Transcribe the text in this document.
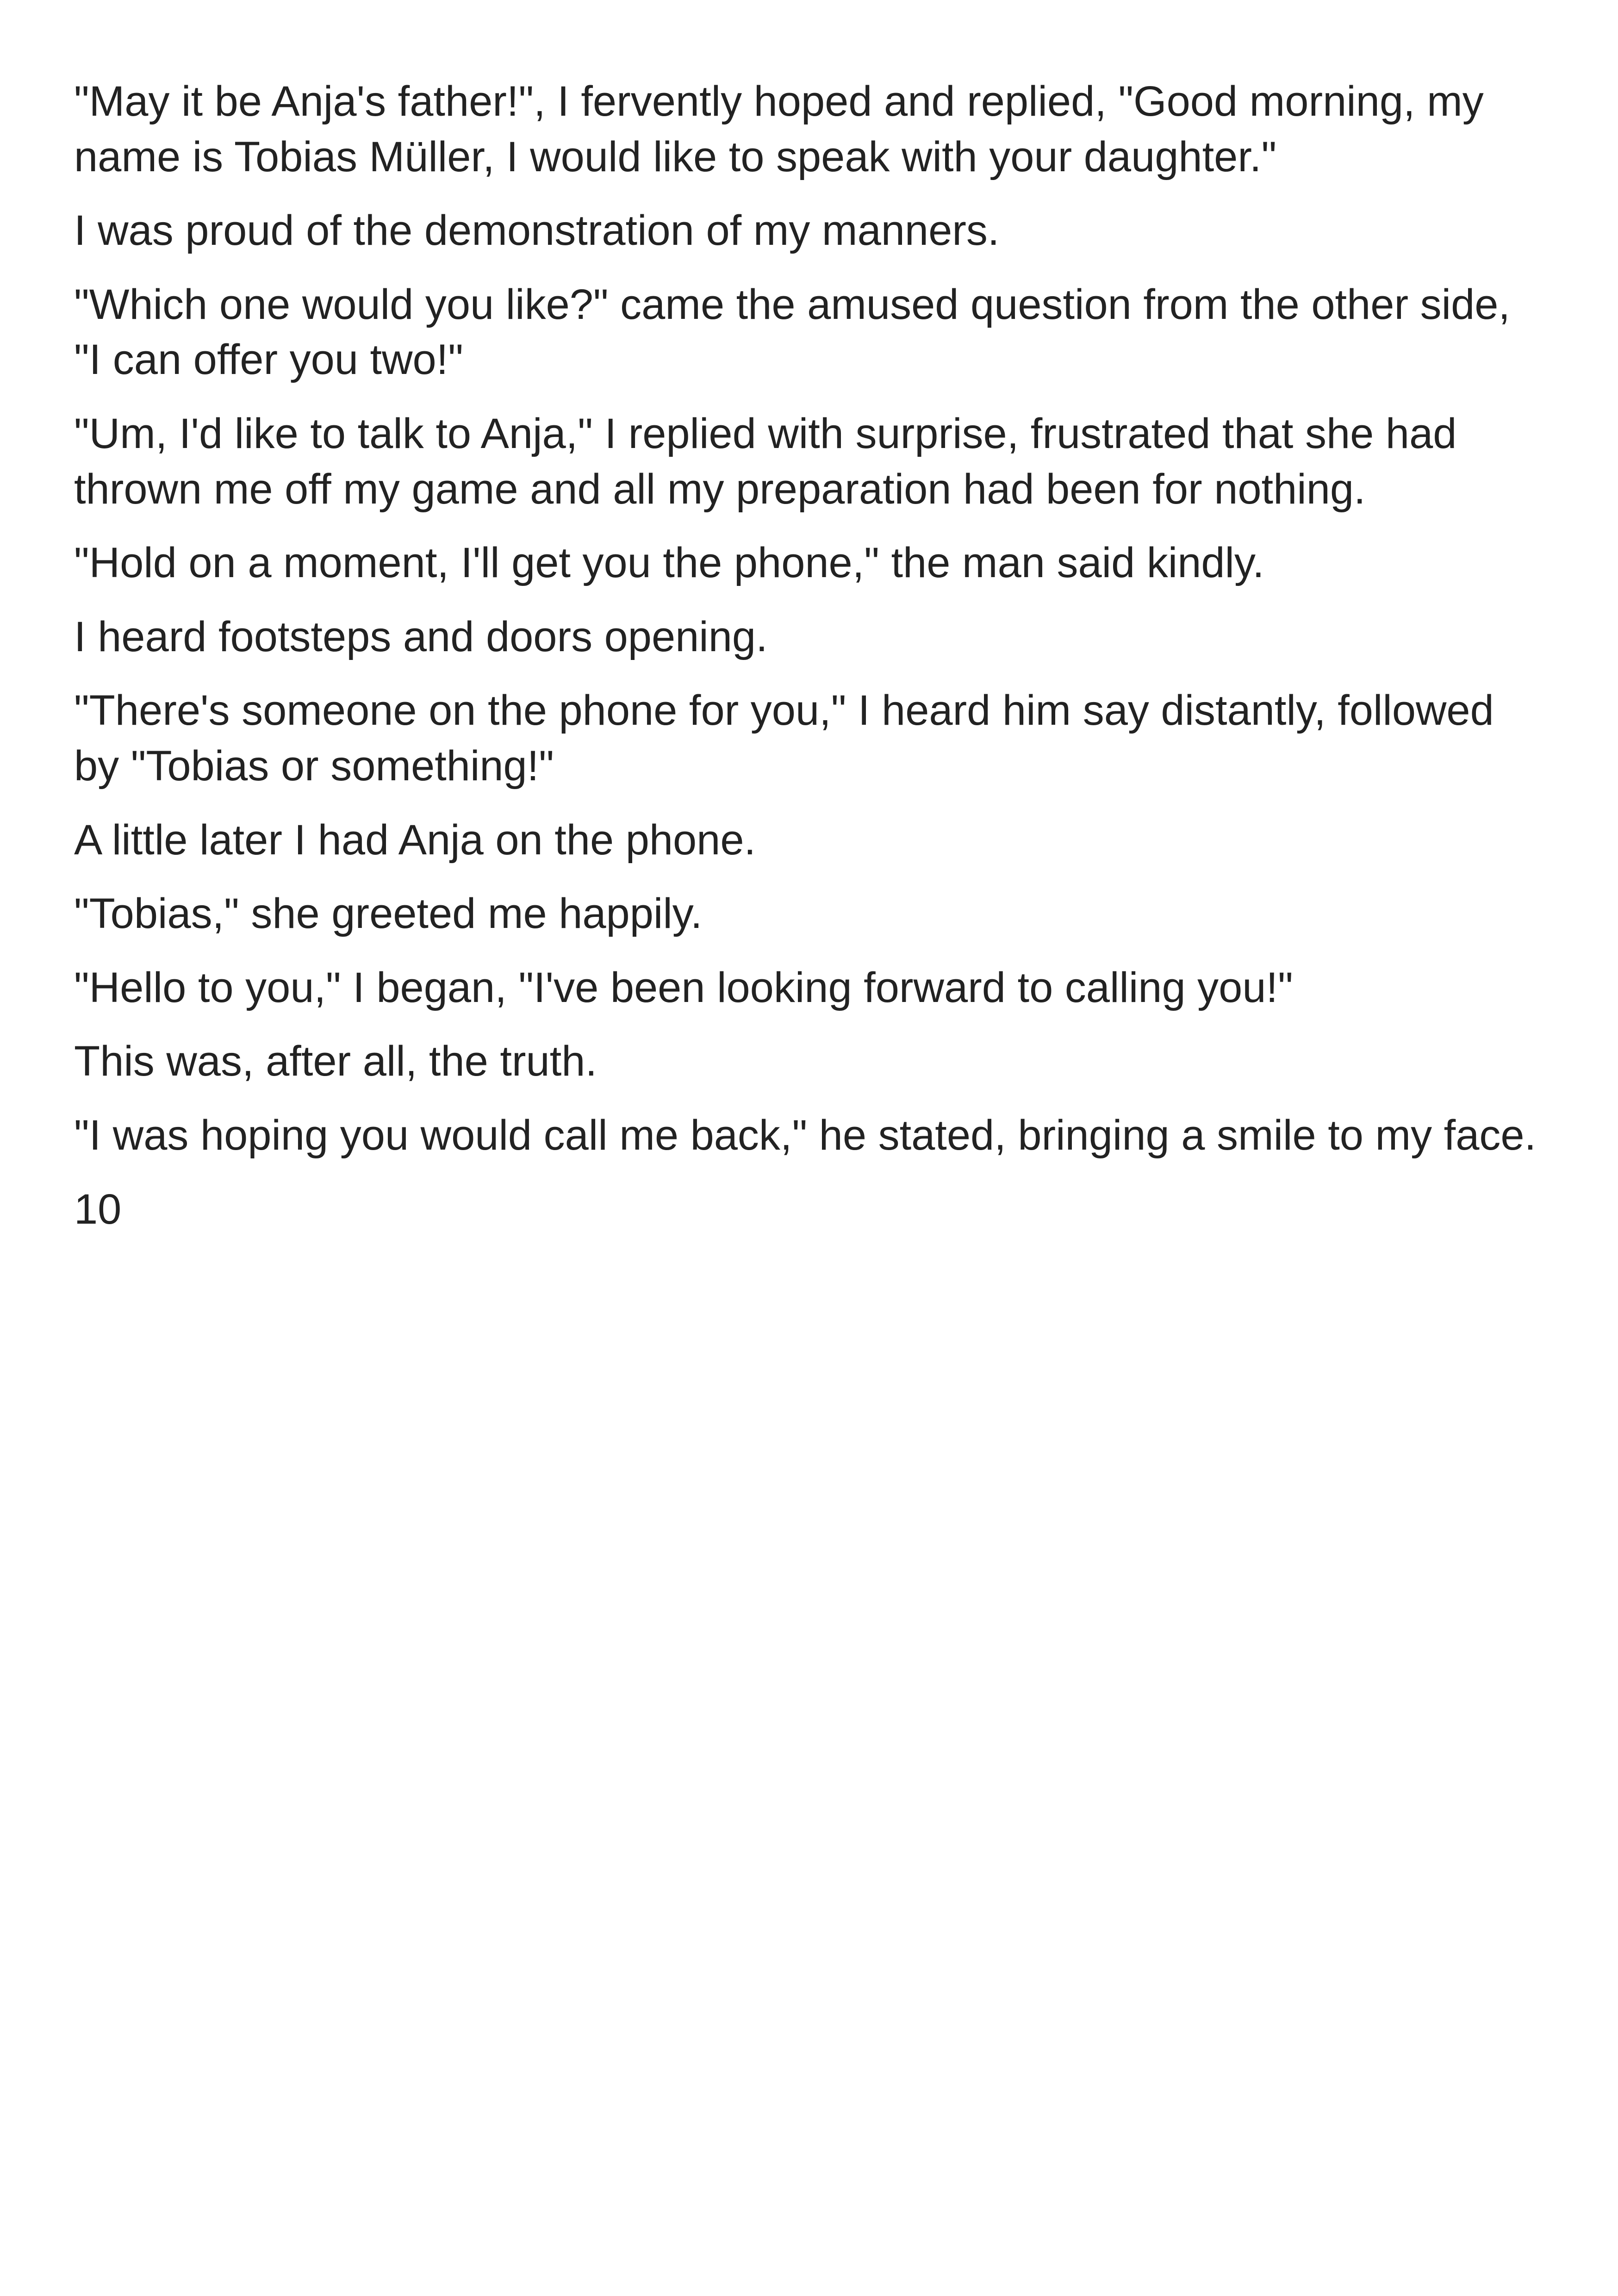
"May it be Anja's father!", I fervently hoped and replied, "Good morning, my name is Tobias Müller, I would like to speak with your daughter."

I was proud of the demonstration of my manners.

"Which one would you like?" came the amused question from the other side, "I can offer you two!"

"Um, I'd like to talk to Anja," I replied with surprise, frustrated that she had thrown me off my game and all my preparation had been for nothing.

"Hold on a moment, I'll get you the phone," the man said kindly.

I heard footsteps and doors opening.

"There's someone on the phone for you," I heard him say distantly, followed by "Tobias or something!"

A little later I had Anja on the phone.

"Tobias," she greeted me happily.

"Hello to you," I began, "I've been looking forward to calling you!"

This was, after all, the truth.

"I was hoping you would call me back," he stated, bringing a smile to my face.

10
